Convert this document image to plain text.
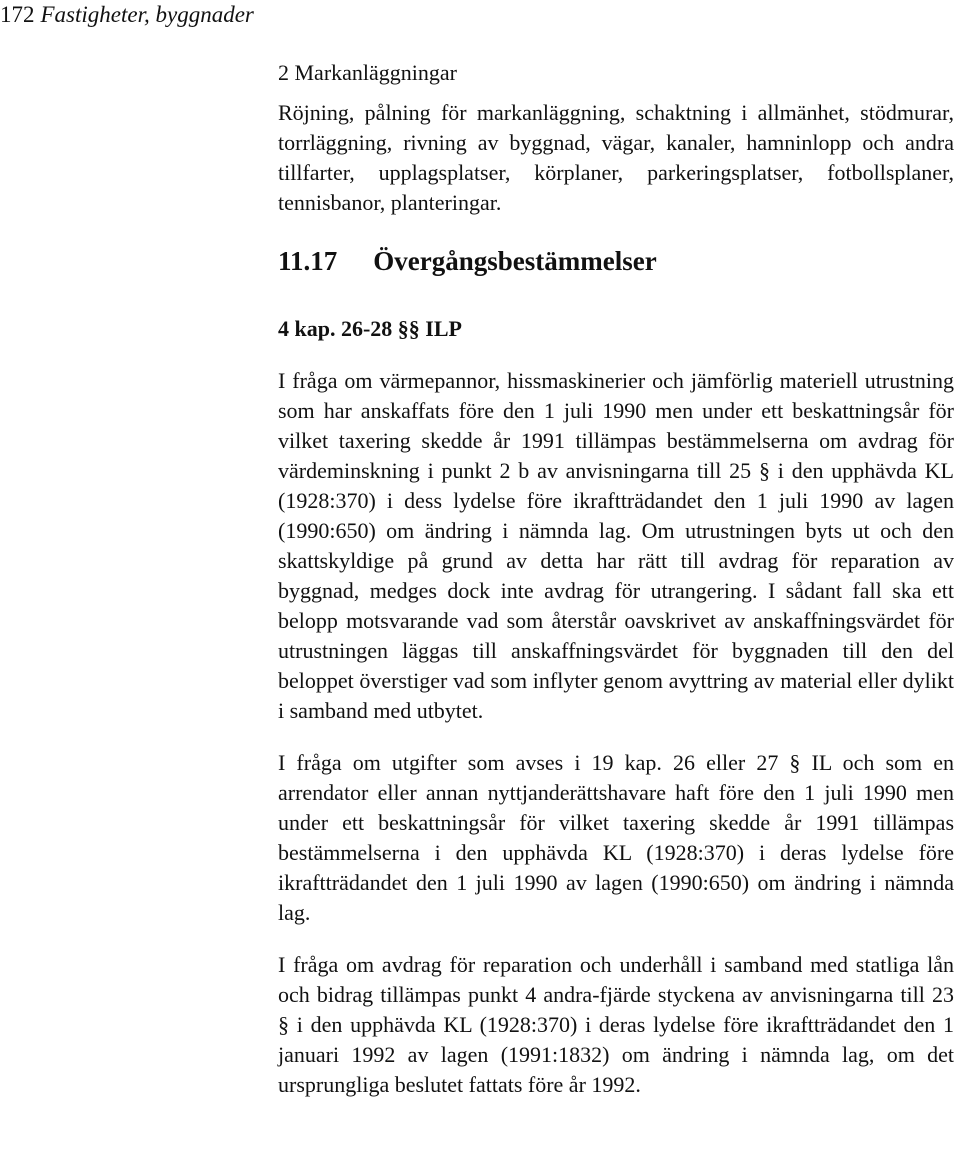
172 Fastigheter, byggnader
2 Markanläggningar

Röjning, pålning för markanläggning, schaktning i allmänhet, stödmurar, torrläggning, rivning av byggnad, vägar, kanaler, hamninlopp och andra tillfarter, upplagsplatser, körplaner, parkeringsplatser, fotbollsplaner, tennisbanor, planteringar.

11.17 Övergångsbestämmelser
4 kap. 26-28 §§ ILP

I fråga om värmepannor, hissmaskinerier och jämförlig materiell utrustning som har anskaffats före den 1 juli 1990 men under ett beskattningsår för vilket taxering skedde år 1991 tillämpas bestämmelserna om avdrag för värdeminskning i punkt 2 b av anvisningarna till 25 § i den upphävda KL (1928:370) i dess lydelse före ikraftträdandet den 1 juli 1990 av lagen (1990:650) om ändring i nämnda lag. Om utrustningen byts ut och den skattskyldige på grund av detta har rätt till avdrag för reparation av byggnad, medges dock inte avdrag för utrangering. I sådant fall ska ett belopp motsvarande vad som återstår oavskrivet av anskaffningsvärdet för utrustningen läggas till anskaffningsvärdet för byggnaden till den del beloppet överstiger vad som inflyter genom avyttring av material eller dylikt i samband med utbytet.

I fråga om utgifter som avses i 19 kap. 26 eller 27 § IL och som en arrendator eller annan nyttjanderättshavare haft före den 1 juli 1990 men under ett beskattningsår för vilket taxering skedde år 1991 tillämpas bestämmelserna i den upphävda KL (1928:370) i deras lydelse före ikraftträdandet den 1 juli 1990 av lagen (1990:650) om ändring i nämnda lag.

I fråga om avdrag för reparation och underhåll i samband med statliga lån och bidrag tillämpas punkt 4 andra-fjärde styckena av anvisningarna till 23 § i den upphävda KL (1928:370) i deras lydelse före ikraftträdandet den 1 januari 1992 av lagen (1991:1832) om ändring i nämnda lag, om det ursprungliga beslutet fattats före år 1992.
